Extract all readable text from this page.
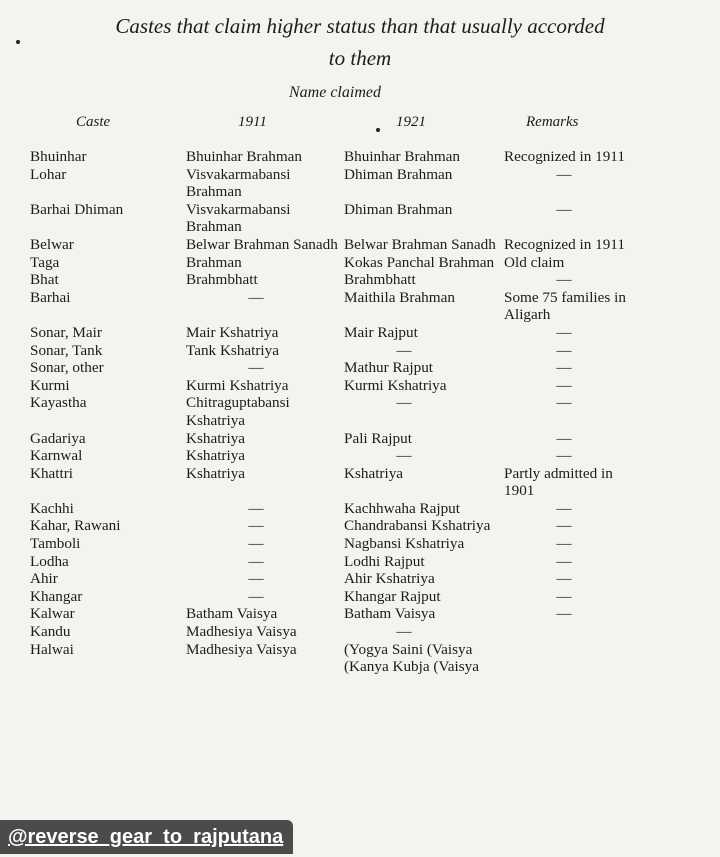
Castes that claim higher status than that usually accorded
to them
Name claimed
Caste	1911	1921	Remarks
Bhuinhar	Bhuinhar Brahman	Bhuinhar Brahman	Recognized in 1911
Lohar	Visvakarmabansi Brahman	Dhiman Brahman	—
Barhai Dhiman	Visvakarmabansi Brahman	Dhiman Brahman	—
Belwar	Belwar Brahman Sanadh	Belwar Brahman Sanadh	Recognized in 1911
Taga	Brahman	Kokas Panchal Brahman	Old claim
Bhat	Brahmbhatt	Brahmbhatt	—
Barhai	—	Maithila Brahman	Some 75 families in Aligarh
Sonar, Mair	Mair Kshatriya	Mair Rajput	—
Sonar, Tank	Tank Kshatriya	—	—
Sonar, other	—	Mathur Rajput	—
Kurmi	Kurmi Kshatriya	Kurmi Kshatriya	—
Kayastha	Chitraguptabansi Kshatriya	—	—
Gadariya	Kshatriya	Pali Rajput	—
Karnwal	Kshatriya	—	—
Khattri	Kshatriya	Kshatriya	Partly admitted in 1901
Kachhi	—	Kachhwaha Rajput	—
Kahar, Rawani	—	Chandrabansi Kshatriya	—
Tamboli	—	Nagbansi Kshatriya	—
Lodha	—	Lodhi Rajput	—
Ahir	—	Ahir Kshatriya	—
Khangar	—	Khangar Rajput	—
Kalwar	Batham Vaisya	Batham Vaisya	—
Kandu	Madhesiya Vaisya	—	
Halwai	Madhesiya Vaisya	(Yogya Saini (Vaisya (Kanya Kubja (Vaisya	
@reverse_gear_to_rajputana
